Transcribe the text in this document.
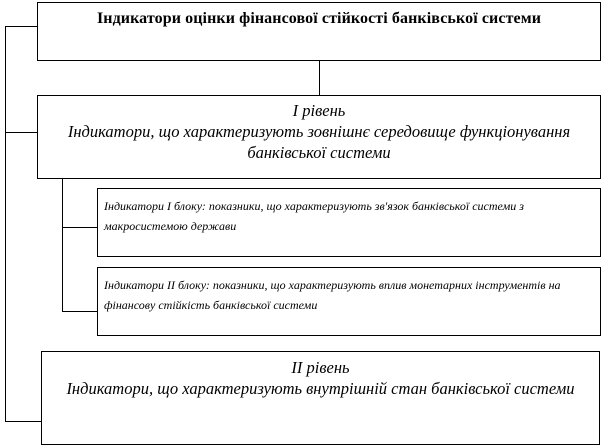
Індикатори оцінки фінансової стійкості банківської системи
І рівень
Індикатори, що характеризують зовнішнє середовище функціонування банківської системи
Індикатори І блоку: показники, що характеризують зв'язок банківської системи з макросистемою держави
Індикатори ІІ блоку: показники, що характеризують вплив монетарних інструментів на фінансову стійкість банківської системи
ІІ рівень
Індикатори, що характеризують внутрішній стан банківської системи
